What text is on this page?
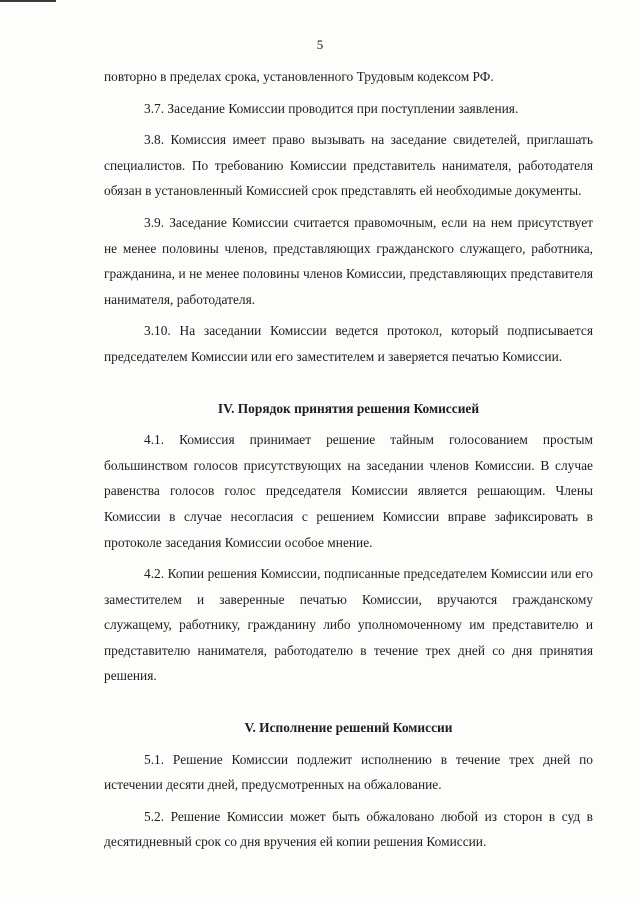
5

повторно в пределах срока, установленного Трудовым кодексом РФ.

3.7. Заседание Комиссии проводится при поступлении заявления.

3.8. Комиссия имеет право вызывать на заседание свидетелей, приглашать специалистов. По требованию Комиссии представитель нанимателя, работодателя обязан в установленный Комиссией срок представлять ей необходимые документы.

3.9. Заседание Комиссии считается правомочным, если на нем присутствует не менее половины членов, представляющих гражданского служащего, работника, гражданина, и не менее половины членов Комиссии, представляющих представителя нанимателя, работодателя.

3.10. На заседании Комиссии ведется протокол, который подписывается председателем Комиссии или его заместителем и заверяется печатью Комиссии.

IV. Порядок принятия решения Комиссией

4.1. Комиссия принимает решение тайным голосованием простым большинством голосов присутствующих на заседании членов Комиссии. В случае равенства голосов голос председателя Комиссии является решающим. Члены Комиссии в случае несогласия с решением Комиссии вправе зафиксировать в протоколе заседания Комиссии особое мнение.

4.2. Копии решения Комиссии, подписанные председателем Комиссии или его заместителем и заверенные печатью Комиссии, вручаются гражданскому служащему, работнику, гражданину либо уполномоченному им представителю и представителю нанимателя, работодателю в течение трех дней со дня принятия решения.

V. Исполнение решений Комиссии

5.1. Решение Комиссии подлежит исполнению в течение трех дней по истечении десяти дней, предусмотренных на обжалование.

5.2. Решение Комиссии может быть обжаловано любой из сторон в суд в десятидневный срок со дня вручения ей копии решения Комиссии.
